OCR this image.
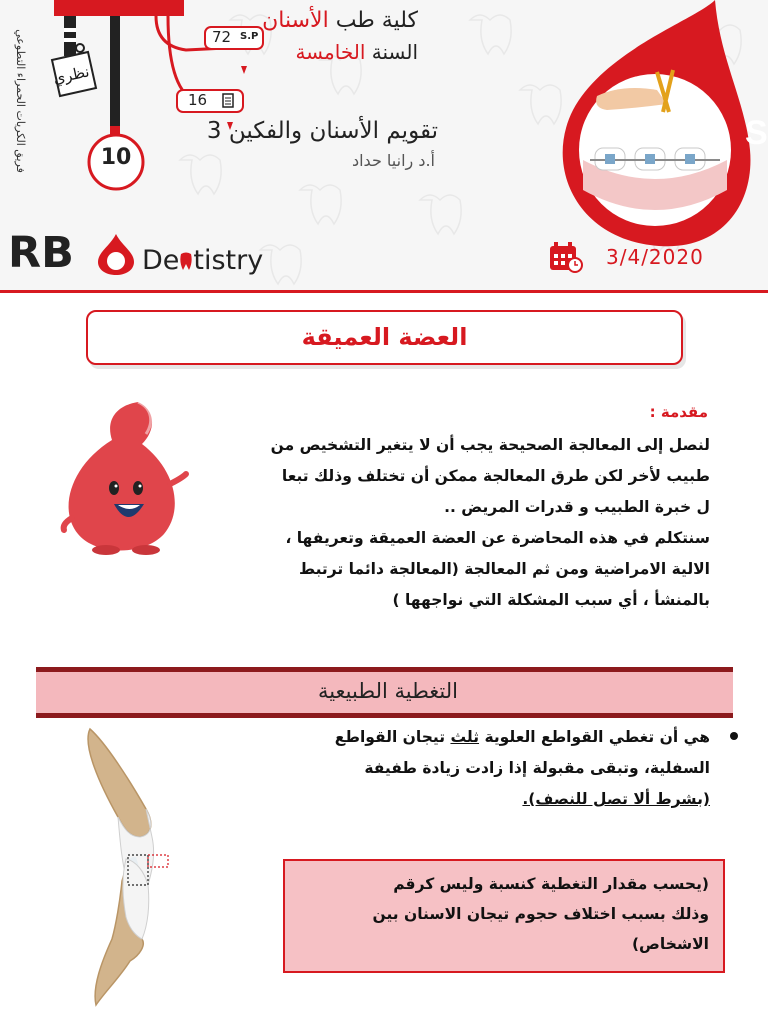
نظري
10
72 S.P
16
فريق الكريات الحمراء التطوعي
كلية طب الأسنان
السنة الخامسة
تقويم الأسنان والفكين 3
أ.د رانيا حداد
S
RB	De tistry	3/4/2020
العضة العميقة
مقدمة :

لنصل إلى المعالجة الصحيحة يجب أن لا يتغير التشخيص من

طبيب لأخر لكن طرق المعالجة ممكن أن تختلف وذلك تبعا

ل خبرة الطبيب و قدرات المريض ..

سنتكلم في هذه المحاضرة عن العضة العميقة وتعريفها ،

الالية الامراضية ومن ثم المعالجة (المعالجة دائما ترتبط

بالمنشأ ، أي سبب المشكلة التي نواجهها )

التغطية الطبيعية

هي أن تغطي القواطع العلوية ثلث تيجان القواطع

السفلية، وتبقى مقبولة إذا زادت زيادة طفيفة

(بشرط ألا تصل للنصف).

(يحسب مقدار التغطية كنسبة وليس كرقم

وذلك بسبب اختلاف حجوم تيجان الاسنان بين

الاشخاص)
